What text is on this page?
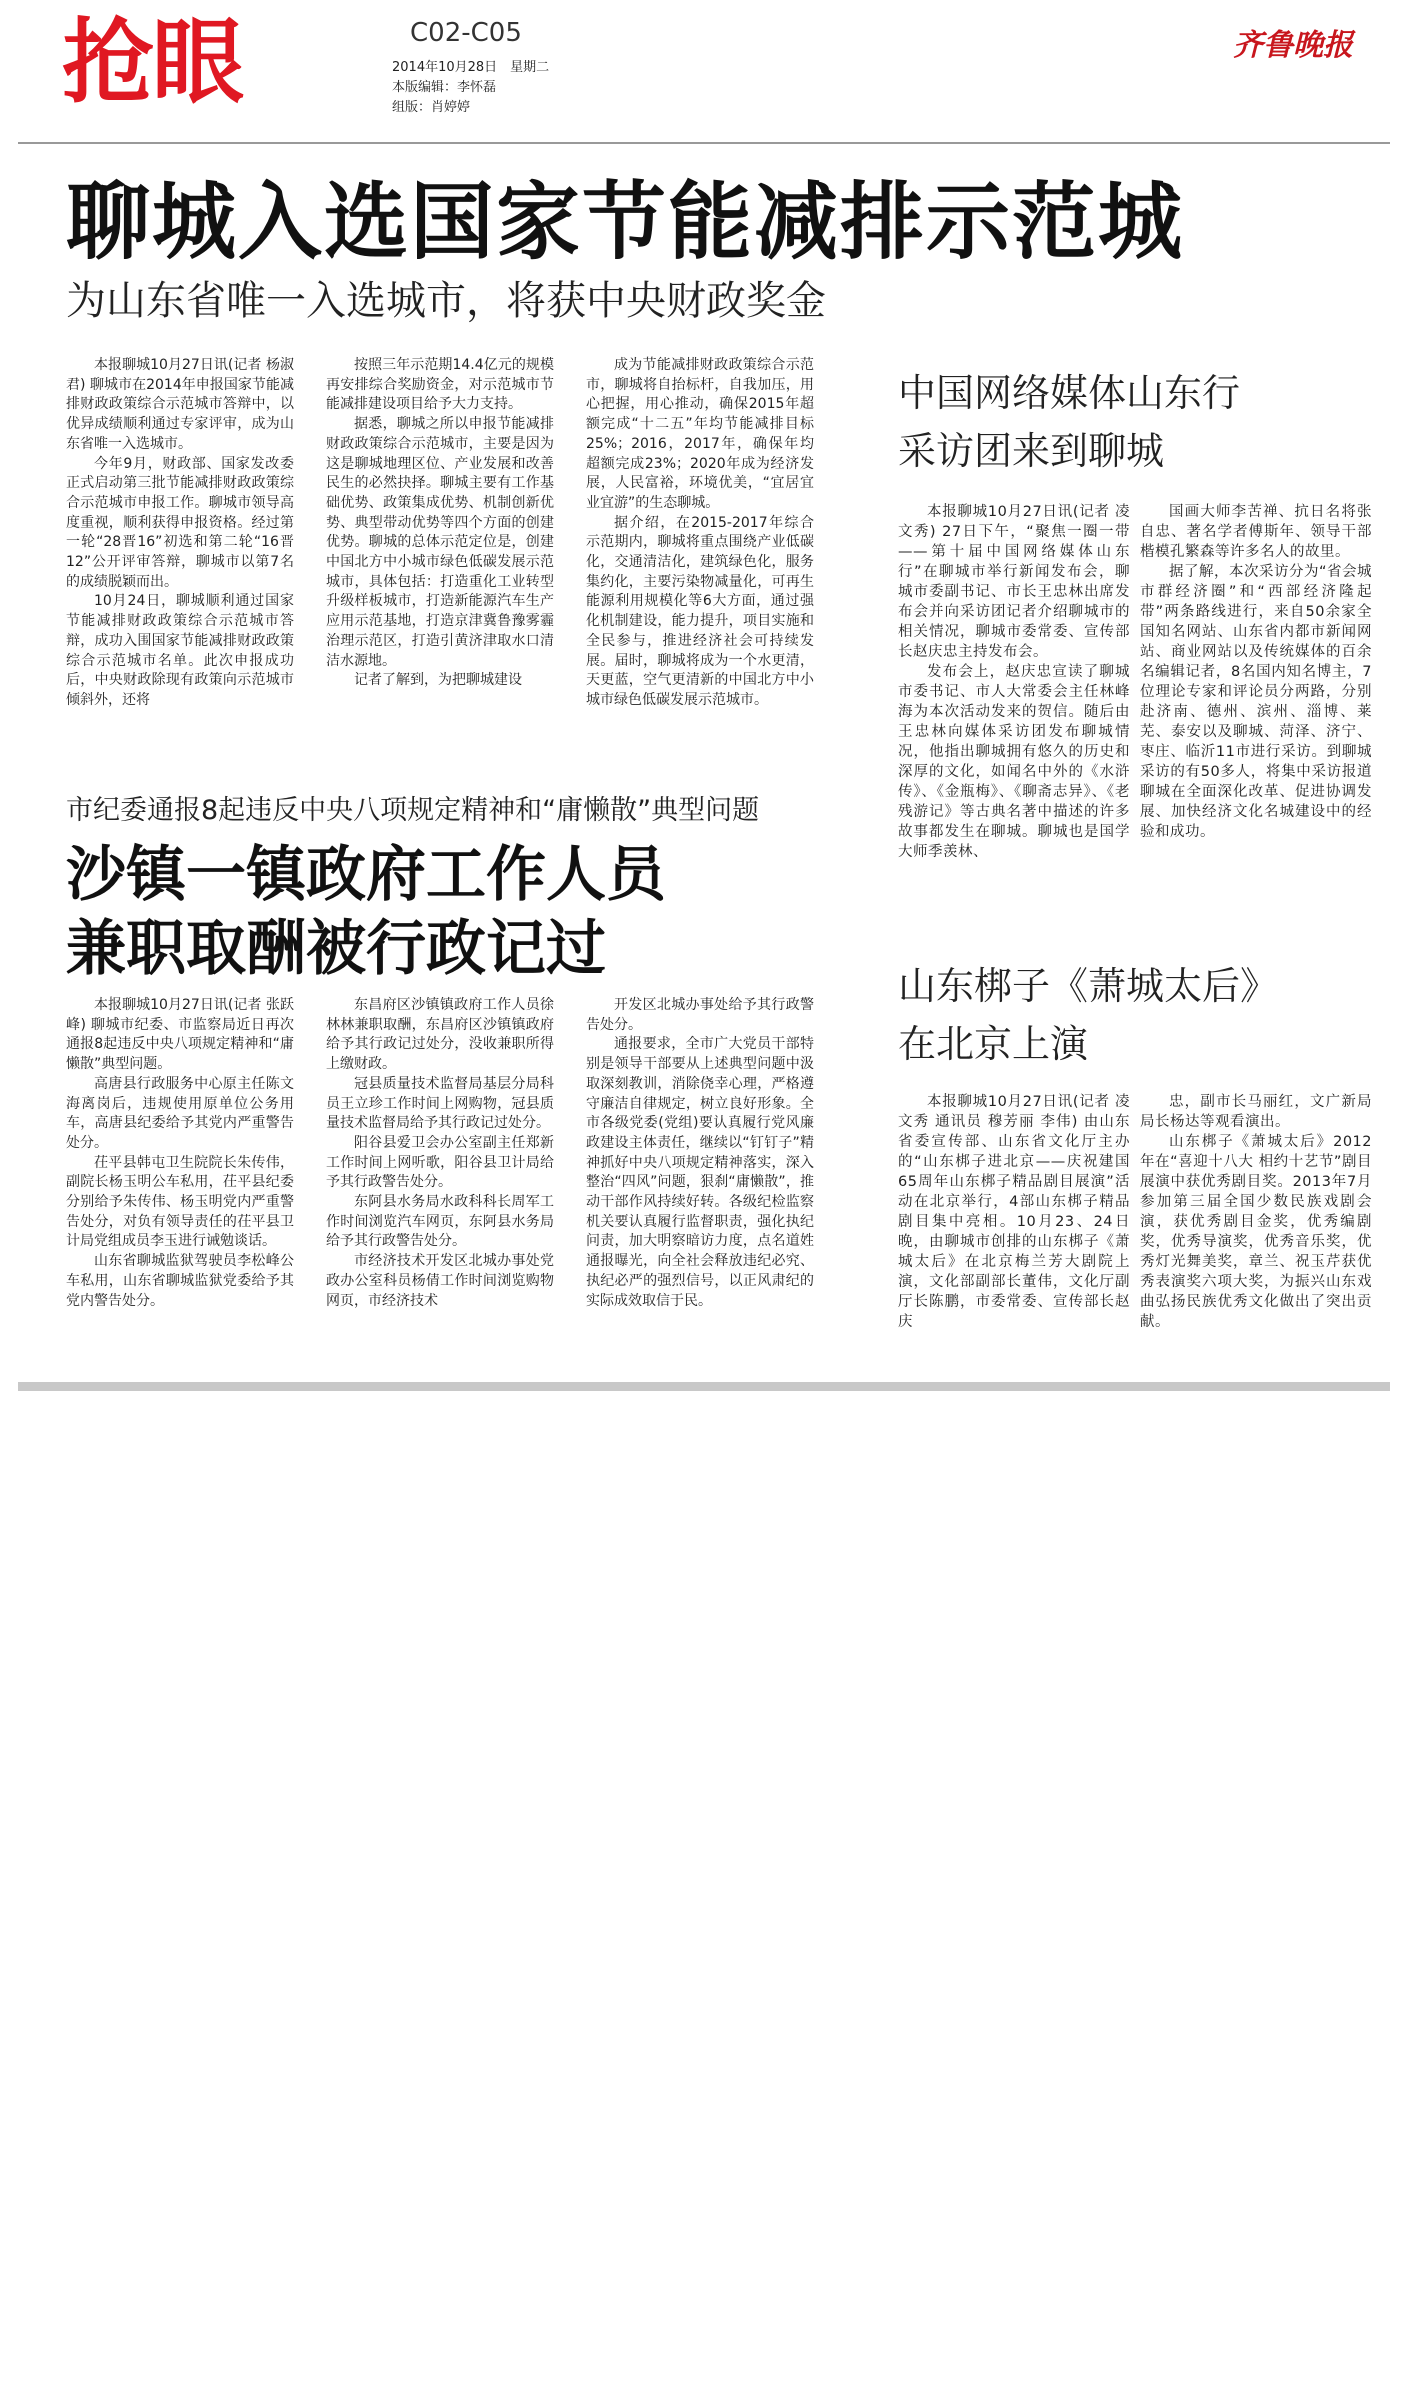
抢眼	C02-C05
2014年10月28日　星期二
本版编辑：李怀磊
组版：肖婷婷
齐鲁晚报
聊城入选国家节能减排示范城
为山东省唯一入选城市，将获中央财政奖金

本报聊城10月27日讯(记者 杨淑君) 聊城市在2014年申报国家节能减排财政政策综合示范城市答辩中，以优异成绩顺利通过专家评审，成为山东省唯一入选城市。

今年9月，财政部、国家发改委正式启动第三批节能减排财政政策综合示范城市申报工作。聊城市领导高度重视，顺利获得申报资格。经过第一轮“28晋16”初选和第二轮“16晋12”公开评审答辩，聊城市以第7名的成绩脱颖而出。

10月24日，聊城顺利通过国家节能减排财政政策综合示范城市答辩，成功入围国家节能减排财政政策综合示范城市名单。此次申报成功后，中央财政除现有政策向示范城市倾斜外，还将

按照三年示范期14.4亿元的规模再安排综合奖励资金，对示范城市节能减排建设项目给予大力支持。

据悉，聊城之所以申报节能减排财政政策综合示范城市，主要是因为这是聊城地理区位、产业发展和改善民生的必然抉择。聊城主要有工作基础优势、政策集成优势、机制创新优势、典型带动优势等四个方面的创建优势。聊城的总体示范定位是，创建中国北方中小城市绿色低碳发展示范城市，具体包括：打造重化工业转型升级样板城市，打造新能源汽车生产应用示范基地，打造京津冀鲁豫雾霾治理示范区，打造引黄济津取水口清洁水源地。

记者了解到，为把聊城建设

成为节能减排财政政策综合示范市，聊城将自抬标杆，自我加压，用心把握，用心推动，确保2015年超额完成“十二五”年均节能减排目标25%；2016，2017年，确保年均超额完成23%；2020年成为经济发展，人民富裕，环境优美，“宜居宜业宜游”的生态聊城。

据介绍，在2015-2017年综合示范期内，聊城将重点围绕产业低碳化，交通清洁化，建筑绿色化，服务集约化，主要污染物减量化，可再生能源利用规模化等6大方面，通过强化机制建设，能力提升，项目实施和全民参与，推进经济社会可持续发展。届时，聊城将成为一个水更清，天更蓝，空气更清新的中国北方中小城市绿色低碳发展示范城市。

市纪委通报8起违反中央八项规定精神和“庸懒散”典型问题
沙镇一镇政府工作人员
兼职取酬被行政记过

本报聊城10月27日讯(记者 张跃峰) 聊城市纪委、市监察局近日再次通报8起违反中央八项规定精神和“庸懒散”典型问题。

高唐县行政服务中心原主任陈文海离岗后，违规使用原单位公务用车，高唐县纪委给予其党内严重警告处分。

茌平县韩屯卫生院院长朱传伟，副院长杨玉明公车私用，茌平县纪委分别给予朱传伟、杨玉明党内严重警告处分，对负有领导责任的茌平县卫计局党组成员李玉进行诫勉谈话。

山东省聊城监狱驾驶员李松峰公车私用，山东省聊城监狱党委给予其党内警告处分。

东昌府区沙镇镇政府工作人员徐林林兼职取酬，东昌府区沙镇镇政府给予其行政记过处分，没收兼职所得上缴财政。

冠县质量技术监督局基层分局科员王立珍工作时间上网购物，冠县质量技术监督局给予其行政记过处分。

阳谷县爱卫会办公室副主任郑新工作时间上网听歌，阳谷县卫计局给予其行政警告处分。

东阿县水务局水政科科长周军工作时间浏览汽车网页，东阿县水务局给予其行政警告处分。

市经济技术开发区北城办事处党政办公室科员杨倩工作时间浏览购物网页，市经济技术

开发区北城办事处给予其行政警告处分。

通报要求，全市广大党员干部特别是领导干部要从上述典型问题中汲取深刻教训，消除侥幸心理，严格遵守廉洁自律规定，树立良好形象。全市各级党委(党组)要认真履行党风廉政建设主体责任，继续以“钉钉子”精神抓好中央八项规定精神落实，深入整治“四风”问题，狠刹“庸懒散”，推动干部作风持续好转。各级纪检监察机关要认真履行监督职责，强化执纪问责，加大明察暗访力度，点名道姓通报曝光，向全社会释放违纪必究、执纪必严的强烈信号，以正风肃纪的实际成效取信于民。

中国网络媒体山东行
采访团来到聊城

本报聊城10月27日讯(记者 凌文秀) 27日下午，“聚焦一圈一带——第十届中国网络媒体山东行”在聊城市举行新闻发布会，聊城市委副书记、市长王忠林出席发布会并向采访团记者介绍聊城市的相关情况，聊城市委常委、宣传部长赵庆忠主持发布会。

发布会上，赵庆忠宣读了聊城市委书记、市人大常委会主任林峰海为本次活动发来的贺信。随后由王忠林向媒体采访团发布聊城情况，他指出聊城拥有悠久的历史和深厚的文化，如闻名中外的《水浒传》、《金瓶梅》、《聊斋志异》、《老残游记》等古典名著中描述的许多故事都发生在聊城。聊城也是国学大师季羡林、

国画大师李苦禅、抗日名将张自忠、著名学者傅斯年、领导干部楷模孔繁森等许多名人的故里。

据了解，本次采访分为“省会城市群经济圈”和“西部经济隆起带”两条路线进行，来自50余家全国知名网站、山东省内都市新闻网站、商业网站以及传统媒体的百余名编辑记者，8名国内知名博主，7位理论专家和评论员分两路，分别赴济南、德州、滨州、淄博、莱芜、泰安以及聊城、菏泽、济宁、枣庄、临沂11市进行采访。到聊城采访的有50多人，将集中采访报道聊城在全面深化改革、促进协调发展、加快经济文化名城建设中的经验和成功。

山东梆子《萧城太后》
在北京上演

本报聊城10月27日讯(记者 凌文秀 通讯员 穆芳丽 李伟) 由山东省委宣传部、山东省文化厅主办的“山东梆子进北京——庆祝建国65周年山东梆子精品剧目展演”活动在北京举行，4部山东梆子精品剧目集中亮相。10月23、24日晚，由聊城市创排的山东梆子《萧城太后》在北京梅兰芳大剧院上演，文化部副部长董伟，文化厅副厅长陈鹏，市委常委、宣传部长赵庆

忠，副市长马丽红，文广新局局长杨达等观看演出。

山东梆子《萧城太后》2012年在“喜迎十八大 相约十艺节”剧目展演中获优秀剧目奖。2013年7月参加第三届全国少数民族戏剧会演，获优秀剧目金奖，优秀编剧奖，优秀导演奖，优秀音乐奖，优秀灯光舞美奖，章兰、祝玉芹获优秀表演奖六项大奖，为振兴山东戏曲弘扬民族优秀文化做出了突出贡献。
